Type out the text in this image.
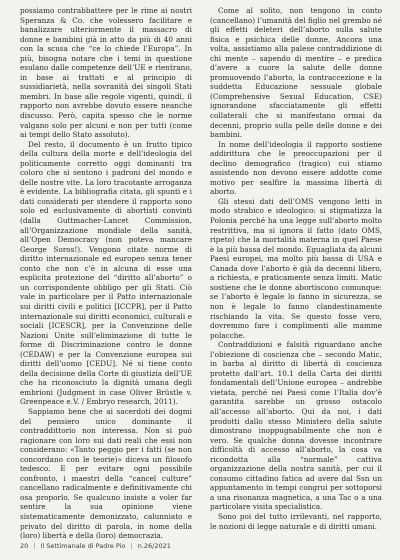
possiamo contrabbattere per le rime ai nostri Speranza & Co. che volessero facilitare e banalizzare ulteriormente il massacro di donne e bambini già in atto da più di 40 anni con la scusa che “ce lo chiede l’Europa”. In più, bisogna notare che i temi in questione esulano dalle competenze dell’UE e rientrano, in base ai trattati e al principio di sussidiarietà, nella sovranità dei singoli Stati membri. In base alle regole vigenti, quindi, il rapporto non avrebbe dovuto essere neanche discusso. Però, capita spesso che le norme valgano solo per alcuni e non per tutti (come ai tempi dello Stato assoluto).

Del resto, il documento è un frutto tipico della cultura della morte e dell’ideologia del politicamente corretto oggi dominanti tra coloro che si sentono i padroni del mondo e delle nostre vite. La loro tracotante arroganza è evidente. La bibliografia citata, gli spunti e i dati considerati per stendere il rapporto sono solo ed esclusivamente di abortisti convinti (dalla Guttmacher-Lancet Commission, all’Organizzazione mondiale della sanità, all’Open Democracy (non poteva mancare George Soros!). Vengono citate norme di diritto internazionale ed europeo senza tener conto che non c’è in alcuna di esse una esplicita protezione del “diritto all’aborto” o un corrispondente obbligo per gli Stati. Ciò vale in particolare per il Patto internazionale sui diritti civili e politici [ICCPR], per il Patto internazionale sui diritti economici, culturali e sociali [ICESCR], per la Convenzione delle Nazioni Unite sull’eliminazione di tutte le forme di Discriminazione contro le donne (CEDAW) e per la Convenzione europea sui diritti dell’uomo [CEDU]. Né si tiene conto della decisione della Corte di giustizia dell’UE che ha riconosciuto la dignità umana degli embrioni (Judgment in case Oliver Brüstle v. Greenpeace e.V. / Embryo research, 2011).

Sappiamo bene che ai sacerdoti dei dogmi del pensiero unico dominante il contraddittorio non interessa. Non si può ragionare con loro sui dati reali che essi non considerano: «Tanto peggio per i fatti (se non concordano con le teorie)» diceva un filosofo tedesco. E per evitare ogni possibile confronto, i maestri della “cancel culture” cancellano radicalmente e definitivamente chi osa proporlo. Se qualcuno insiste a voler far sentire la sua opinione viene sistematicamente demonizzato, calunniato e privato del diritto di parola, in nome della (loro) libertà e della (loro) democrazia.

Come al solito, non tengono in conto (cancellano) l’umanità del figlio nel grembo né gli effetti deleteri dell’aborto sulla salute fisica e psichica delle donne. Ancora una volta, assistiamo alla palese contraddizione di chi mente – sapendo di mentire – e predica d’avere a cuore la salute delle donne promuovendo l’aborto, la contraccezione e la suddetta Educazione sessuale globale (Comprehensive Sexual Education, CSE) ignorandone sfacciatamente gli effetti collaterali che si manifestano ormai da decenni, proprio sulla pelle delle donne e dei bambini.

In nome dell’ideologia il rapporto sostiene addirittura che le preoccupazioni per il declino demografico (tragico) cui stiamo assistendo non devono essere addotte come motivo per sealfire la massima libertà di aborto.

Gli stessi dati dell’OMS vengono letti in modo strabico e ideologico: si stigmatizza la Polonia perché ha una legge sull’aborto molto restrittiva, ma si ignora il fatto (dato OMS, ripeto) che la mortalità materna in quel Paese è la più bassa del mondo. Eguagliata da alcuni Paesi europei, ma molto più bassa di USA e Canada dove l’aborto è già da decenni libero, a richiesta, e praticamente senza limiti. Matic sostiene che le donne abortiscono comunque: se l’aborto è legale lo fanno in sicurezza, se non è legale lo fanno clandestinamente rischiando la vita. Se questo fosse vero, dovremmo fare i complimenti alle mamme polacche.

Contraddizioni e falsità riguardano anche l’obiezione di coscienza che – secondo Matic, in barba al diritto di libertà di coscienza protetto dall’art. 10.1 della Carta dei diritti fondamentali dell’Unione europea – andrebbe vietata, perché nei Paesi come l’Italia dov’è garantita sarebbe un grosso ostacolo all’accesso all’aborto. Qui da noi, i dati prodotti dallo stesso Ministero della salute dimostrano inoppugnabilmente che non è vero. Se qualche donna dovesse incontrare difficoltà di accesso all’aborto, la cosa va ricondotta alla “normale” cattiva organizzazione della nostra sanità, per cui il consumo cittadino fatica ad avere dal Ssn un appuntamento in tempi congrui per sottoporsi a una risonanza magnetica, a una Tac o a una particolare visita specialistica.

Sono poi del tutto irrilevanti, nel rapporto, le nozioni di legge naturale e di diritti umani.

20 | Il Settimanale di Padre Pio | n.26/2021
